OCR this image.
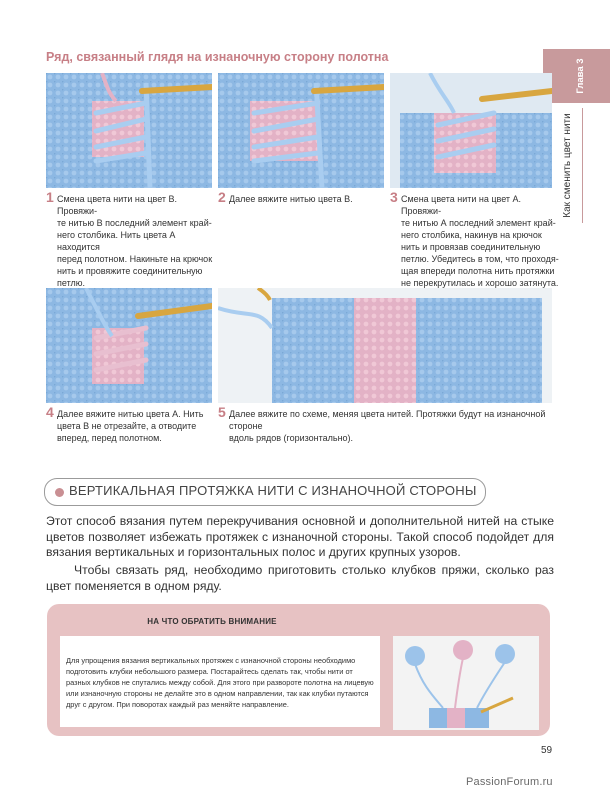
Глава 3
Как сменить цвет нити
Ряд, связанный глядя на изнаночную сторону полотна
1 Смена цвета нити на цвет В. Провяжи-
те нитью В последний элемент край-
него столбика. Нить цвета А находится
перед полотном. Накиньте на крючок
нить и провяжите соединительную
петлю.
2 Далее вяжите нитью цвета В.	3 Смена цвета нити на цвет А. Провяжи-
те нитью А последний элемент край-
него столбика, накинув на крючок
нить и провязав соединительную
петлю. Убедитесь в том, что проходя-
щая впереди полотна нить протяжки
не перекрутилась и хорошо затянута.
4 Далее вяжите нитью цвета А. Нить
цвета В не отрезайте, а отводите
вперед, перед полотном.
5 Далее вяжите по схеме, меняя цвета нитей. Протяжки будут на изнаночной стороне
вдоль рядов (горизонтально).
ВЕРТИКАЛЬНАЯ ПРОТЯЖКА НИТИ С ИЗНАНОЧНОЙ СТОРОНЫ

Этот способ вязания путем перекручивания основной и дополнительной нитей на стыке цветов позволяет избежать протяжек с изнаночной стороны. Такой способ подойдет для вязания вертикальных и горизонтальных полос и других крупных узоров.

Чтобы связать ряд, необходимо приготовить столько клубков пряжи, сколько раз цвет поменяется в одном ряду.

НА ЧТО ОБРАТИТЬ ВНИМАНИЕ
Для упрощения вязания вертикальных протяжек с изнаночной стороны необходимо
подготовить клубки небольшого размера. Постарайтесь сделать так, чтобы нити от
разных клубков не спутались между собой. Для этого при развороте полотна на лицевую
или изнаночную стороны не делайте это в одном направлении, так как клубки путаются
друг с другом. При поворотах каждый раз меняйте направление.
59
PassionForum.ru
